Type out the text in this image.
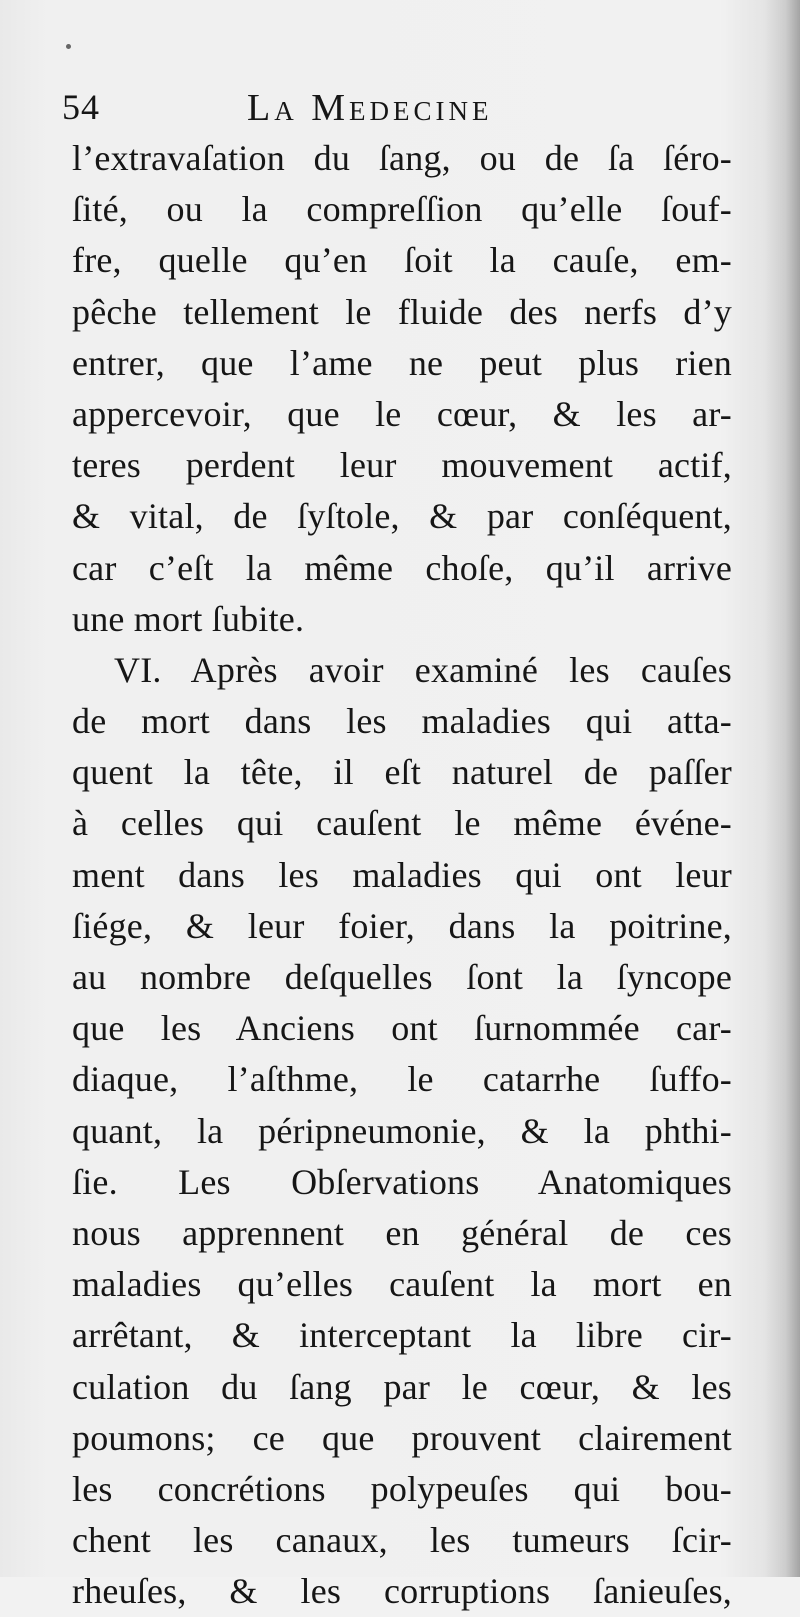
54	La Medecine
l’extravaſation du ſang, ou de ſa ſéro-
ſité, ou la compreſſion qu’elle ſouf-
fre, quelle qu’en ſoit la cauſe, em-
pêche tellement le fluide des nerfs d’y
entrer, que l’ame ne peut plus rien
appercevoir, que le cœur, & les ar-
teres perdent leur mouvement actif,
& vital, de ſyſtole, & par conſéquent,
car c’eſt la même choſe, qu’il arrive
une mort ſubite.
VI. Après avoir examiné les cauſes
de mort dans les maladies qui atta-
quent la tête, il eſt naturel de paſſer
à celles qui cauſent le même événe-
ment dans les maladies qui ont leur
ſiége, & leur foier, dans la poitrine,
au nombre deſquelles ſont la ſyncope
que les Anciens ont ſurnommée car-
diaque, l’aſthme, le catarrhe ſuffo-
quant, la péripneumonie, & la phthi-
ſie. Les Obſervations Anatomiques
nous apprennent en général de ces
maladies qu’elles cauſent la mort en
arrêtant, & interceptant la libre cir-
culation du ſang par le cœur, & les
poumons; ce que prouvent clairement
les concrétions polypeuſes qui bou-
chent les canaux, les tumeurs ſcir-
rheuſes, & les corruptions ſanieuſes,
